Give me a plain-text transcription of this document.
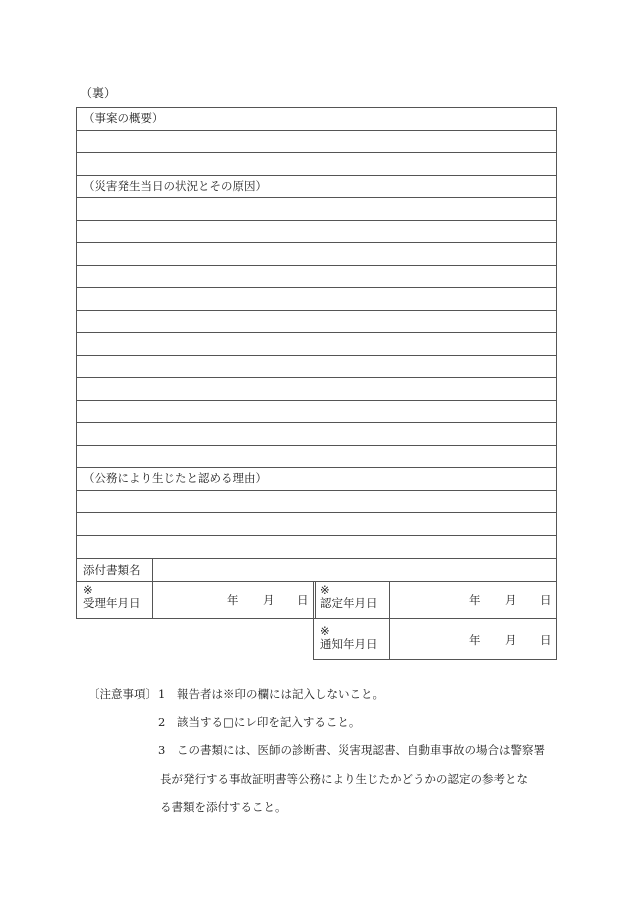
（裏）
（事案の概要）
（災害発生当日の状況とその原因）
（公務により生じたと認める理由）
添付書類名
※
受理年月日	年 月 日
※
認定年月日	年 月 日
※
通知年月日	年 月 日
〔注意事項〕 1 報告者は※印の欄には記入しないこと。
2 該当する□にレ印を記入すること。
3 この書類には、医師の診断書、災害現認書、自動車事故の場合は警察署
長が発行する事故証明書等公務により生じたかどうかの認定の参考とな
る書類を添付すること。
